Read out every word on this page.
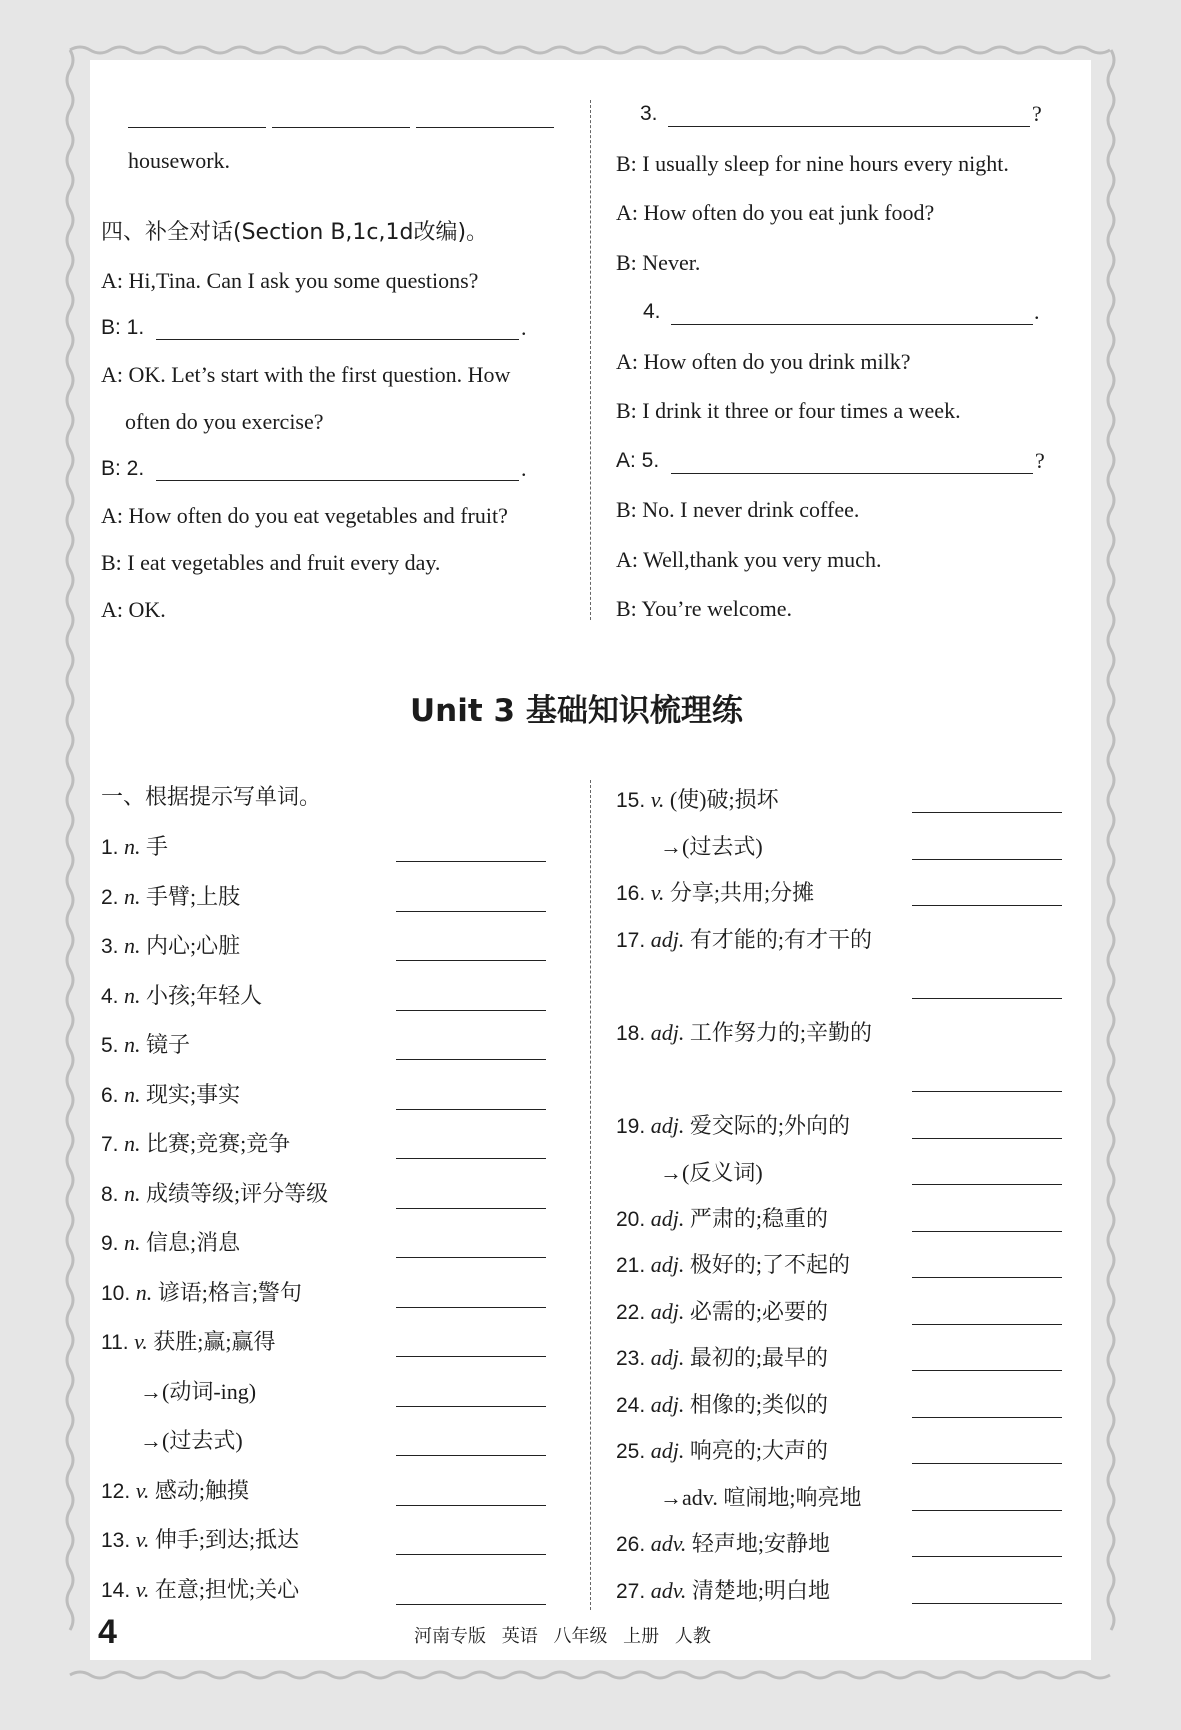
housework.
四、补全对话(Section B,1c,1d改编)。
A: Hi,Tina. Can I ask you some questions?
B: 1.	.
A: OK. Let’s start with the first question. How
often do you exercise?
B: 2.	.
A: How often do you eat vegetables and fruit?
B: I eat vegetables and fruit every day.
A: OK.
3.	?
B: I usually sleep for nine hours every night.
A: How often do you eat junk food?
B: Never.
4.	.
A: How often do you drink milk?
B: I drink it three or four times a week.
A: 5.	?
B: No. I never drink coffee.
A: Well,thank you very much.
B: You’re welcome.
Unit 3 基础知识梳理练
一、根据提示写单词。
1. n. 手
2. n. 手臂;上肢
3. n. 内心;心脏
4. n. 小孩;年轻人
5. n. 镜子
6. n. 现实;事实
7. n. 比赛;竞赛;竞争
8. n. 成绩等级;评分等级
9. n. 信息;消息
10. n. 谚语;格言;警句
11. v. 获胜;赢;赢得
→(动词-ing)
→(过去式)
12. v. 感动;触摸
13. v. 伸手;到达;抵达
14. v. 在意;担忧;关心
15. v. (使)破;损坏
→(过去式)
16. v. 分享;共用;分摊
17. adj. 有才能的;有才干的
18. adj. 工作努力的;辛勤的
19. adj. 爱交际的;外向的
→(反义词)
20. adj. 严肃的;稳重的
21. adj. 极好的;了不起的
22. adj. 必需的;必要的
23. adj. 最初的;最早的
24. adj. 相像的;类似的
25. adj. 响亮的;大声的
→adv. 喧闹地;响亮地
26. adv. 轻声地;安静地
27. adv. 清楚地;明白地
4	河南专版 英语 八年级 上册 人教
